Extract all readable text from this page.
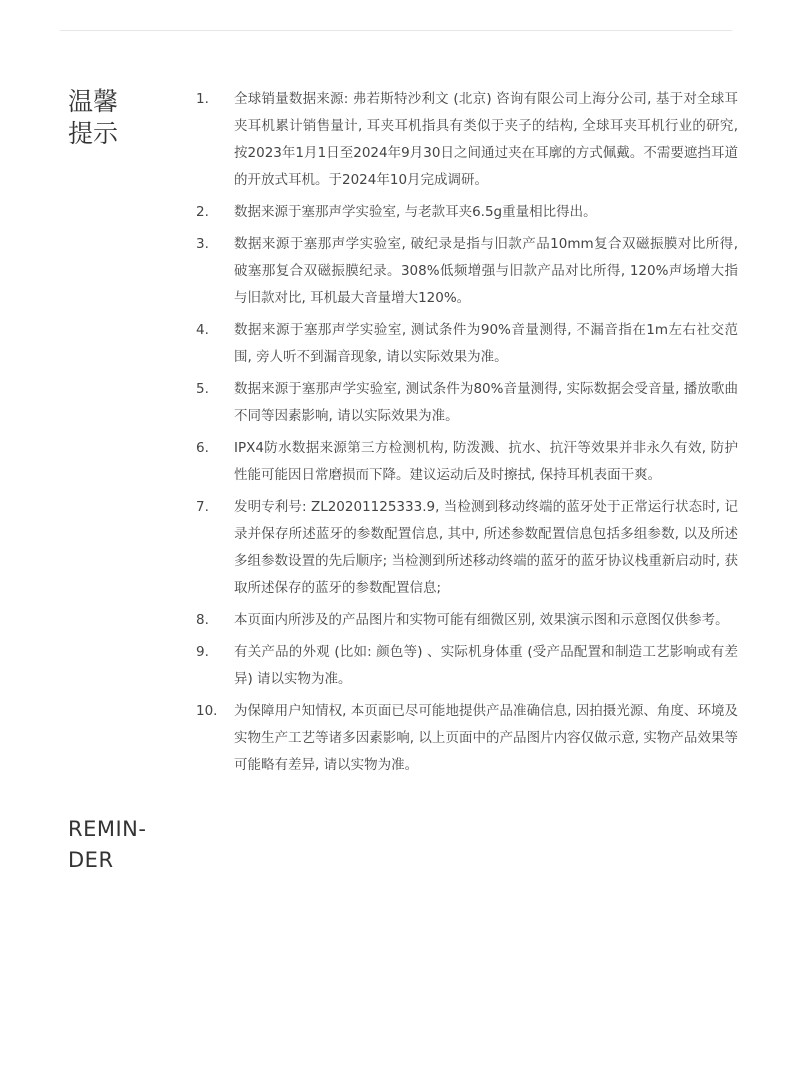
温馨
提示
1.	全球销量数据来源: 弗若斯特沙利文 (北京) 咨询有限公司上海分公司, 基于对全球耳夹耳机累计销售量计, 耳夹耳机指具有类似于夹子的结构, 全球耳夹耳机行业的研究, 按2023年1月1日至2024年9月30日之间通过夹在耳廓的方式佩戴。不需要遮挡耳道的开放式耳机。于2024年10月完成调研。
2.	数据来源于塞那声学实验室, 与老款耳夹6.5g重量相比得出。
3.	数据来源于塞那声学实验室, 破纪录是指与旧款产品10mm复合双磁振膜对比所得, 破塞那复合双磁振膜纪录。308%低频增强与旧款产品对比所得, 120%声场增大指与旧款对比, 耳机最大音量增大120%。
4.	数据来源于塞那声学实验室, 测试条件为90%音量测得, 不漏音指在1m左右社交范围, 旁人听不到漏音现象, 请以实际效果为准。
5.	数据来源于塞那声学实验室, 测试条件为80%音量测得, 实际数据会受音量, 播放歌曲不同等因素影响, 请以实际效果为准。
6.	IPX4防水数据来源第三方检测机构, 防泼溅、抗水、抗汗等效果并非永久有效, 防护性能可能因日常磨损而下降。建议运动后及时擦拭, 保持耳机表面干爽。
7.	发明专利号: ZL20201125333.9, 当检测到移动终端的蓝牙处于正常运行状态时, 记录并保存所述蓝牙的参数配置信息, 其中, 所述参数配置信息包括多组参数, 以及所述多组参数设置的先后顺序; 当检测到所述移动终端的蓝牙的蓝牙协议栈重新启动时, 获取所述保存的蓝牙的参数配置信息;
8.	本页面内所涉及的产品图片和实物可能有细微区别, 效果演示图和示意图仅供参考。
9.	有关产品的外观 (比如: 颜色等) 、实际机身体重 (受产品配置和制造工艺影响或有差异) 请以实物为准。
10.	为保障用户知情权, 本页面已尽可能地提供产品准确信息, 因拍摄光源、角度、环境及实物生产工艺等诸多因素影响, 以上页面中的产品图片内容仅做示意, 实物产品效果等可能略有差异, 请以实物为准。
REMIN-
DER
